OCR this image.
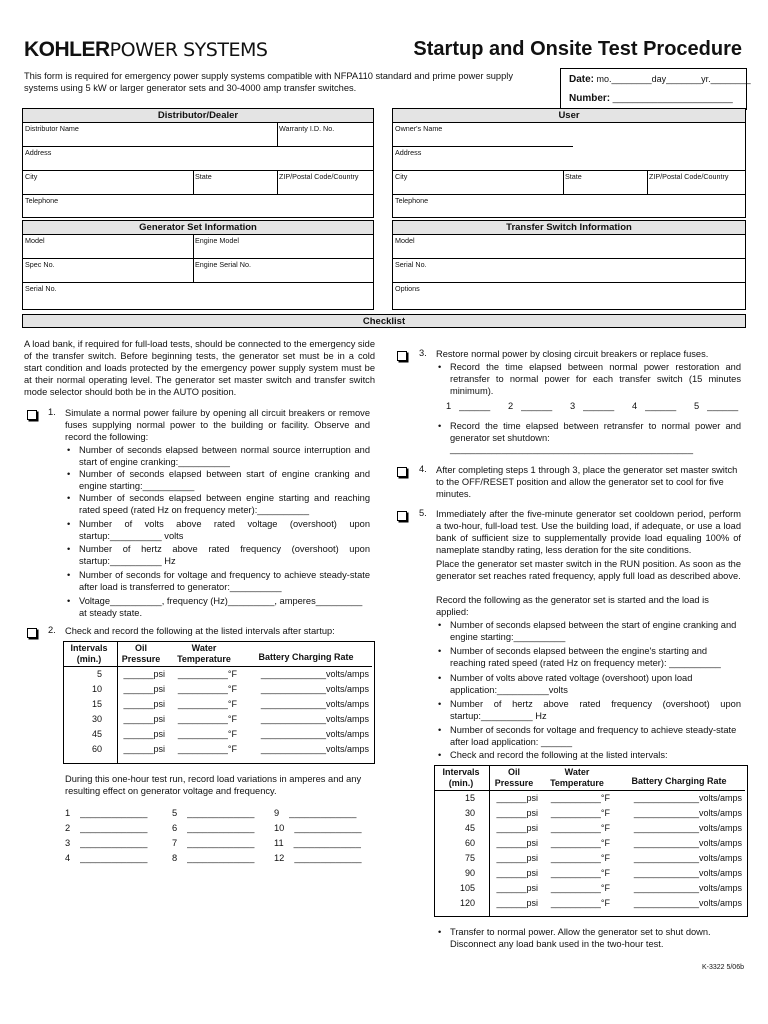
KOHLERPOWER SYSTEMS	Startup and Onsite Test Procedure
This form is required for emergency power supply systems compatible with NFPA110 standard and prime power supply systems using 5 kW or larger generator sets and 30-4000 amp transfer switches.
Date: mo.________day_______yr.________
Number: ________________________
Distributor/Dealer
Distributor Name	Warranty I.D. No.
Address
City	State	ZIP/Postal Code/Country
Telephone
User
Owner's Name
Address
City	State	ZIP/Postal Code/Country
Telephone
Generator Set Information
Model	Engine Model
Spec No.	Engine Serial No.
Serial No.
Transfer Switch Information
Model
Serial No.
Options
Checklist
A load bank, if required for full-load tests, should be connected to the emergency side of the transfer switch. Before beginning tests, the generator set must be in a cold start condition and loads protected by the emergency power supply system must be at their normal operating level. The generator set master switch and transfer switch mode selector should both be in the AUTO position.
1. Simulate a normal power failure by opening all circuit breakers or remove fuses supplying normal power to the building or facility. Observe and record the following:
• Number of seconds elapsed between normal source interruption and start of engine cranking:__________
• Number of seconds elapsed between start of engine cranking and engine starting:__________
• Number of seconds elapsed between engine starting and reaching rated speed (rated Hz on frequency meter):__________
• Number of volts above rated voltage (overshoot) upon startup:__________ volts
• Number of hertz above rated frequency (overshoot) upon startup:__________ Hz
• Number of seconds for voltage and frequency to achieve steady-state after load is transferred to generator:__________
• Voltage__________, frequency (Hz)_________, amperes_________ at steady state.
2. Check and record the following at the listed intervals after startup:
Intervals (min.)	Oil Pressure	Water Temperature	Battery Charging Rate
5	______psi	__________°F	_____________volts/amps
10	______psi	__________°F	_____________volts/amps
15	______psi	__________°F	_____________volts/amps
30	______psi	__________°F	_____________volts/amps
45	______psi	__________°F	_____________volts/amps
60	______psi	__________°F	_____________volts/amps
During this one-hour test run, record load variations in amperes and any resulting effect on generator voltage and frequency.
1 _____________
2 _____________
3 _____________
4 _____________
5 _____________
6 _____________
7 _____________
8 _____________
9 _____________
10 _____________
11 _____________
12 _____________
3. Restore normal power by closing circuit breakers or replace fuses.
• Record the time elapsed between normal power restoration and retransfer to normal power for each transfer switch (15 minutes minimum).
1 ______ 2 ______ 3 ______ 4 ______ 5 ______
• Record the time elapsed between retransfer to normal power and generator set shutdown:
_______________________________________________
4. After completing steps 1 through 3, place the generator set master switch to the OFF/RESET position and allow the generator set to cool for five minutes.
5. Immediately after the five-minute generator set cooldown period, perform a two-hour, full-load test. Use the building load, if adequate, or use a load bank of sufficient size to supplementally provide load equaling 100% of nameplate standby rating, less deration for the site conditions.
Place the generator set master switch in the RUN position. As soon as the generator set reaches rated frequency, apply full load as described above.
Record the following as the generator set is started and the load is applied:
• Number of seconds elapsed between the start of engine cranking and engine starting:__________
• Number of seconds elapsed between the engine's starting and reaching rated speed (rated Hz on frequency meter): __________
• Number of volts above rated voltage (overshoot) upon load application:__________volts
• Number of hertz above rated frequency (overshoot) upon startup:__________ Hz
• Number of seconds for voltage and frequency to achieve steady-state after load application: ______
• Check and record the following at the listed intervals:
Intervals (min.)	Oil Pressure	Water Temperature	Battery Charging Rate
15	______psi	__________°F	_____________volts/amps
30	______psi	__________°F	_____________volts/amps
45	______psi	__________°F	_____________volts/amps
60	______psi	__________°F	_____________volts/amps
75	______psi	__________°F	_____________volts/amps
90	______psi	__________°F	_____________volts/amps
105	______psi	__________°F	_____________volts/amps
120	______psi	__________°F	_____________volts/amps
• Transfer to normal power. Allow the generator set to shut down. Disconnect any load bank used in the two-hour test.
K-3322 5/06b
